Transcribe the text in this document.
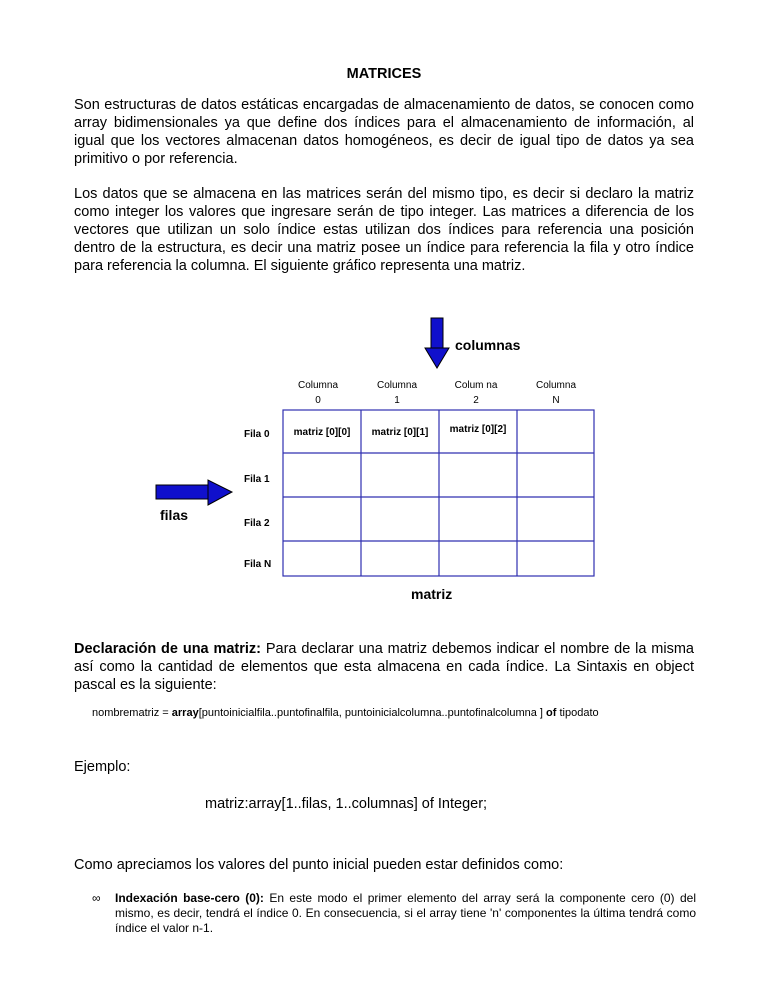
MATRICES

Son estructuras de datos estáticas encargadas de almacenamiento de datos, se conocen como array bidimensionales ya que define dos índices para el almacenamiento de información, al igual que los vectores almacenan datos homogéneos, es decir de igual tipo de datos ya sea primitivo o por referencia.

Los datos que se almacena en las matrices serán del mismo tipo, es decir si declaro la matriz como integer los valores que ingresare serán de tipo integer. Las matrices a diferencia de los vectores que utilizan un solo índice estas utilizan dos índices para referencia una posición dentro de la estructura, es decir una matriz posee un índice para referencia la fila y otro índice para referencia la columna. El siguiente gráfico representa una matriz.

columnas
Columna
0
Columna
1
Colum na
2
Columna
N
Fila 0
Fila 1
Fila 2
Fila N
matriz [0][0] matriz [0][1] matriz [0][2]
filas
matriz

Declaración de una matriz: Para declarar una matriz debemos indicar el nombre de la misma así como la cantidad de elementos que esta almacena en cada índice. La Sintaxis en object pascal es la siguiente:

nombrematriz = array[puntoinicialfila..puntofinalfila, puntoinicialcolumna..puntofinalcolumna ] of tipodato
Ejemplo:
matriz:array[1..filas, 1..columnas] of Integer;
Como apreciamos los valores del punto inicial pueden estar definidos como:
∞ Indexación base-cero (0): En este modo el primer elemento del array será la componente cero (0) del mismo, es decir, tendrá el índice 0. En consecuencia, si el array tiene 'n' componentes la última tendrá como índice el valor n-1.
